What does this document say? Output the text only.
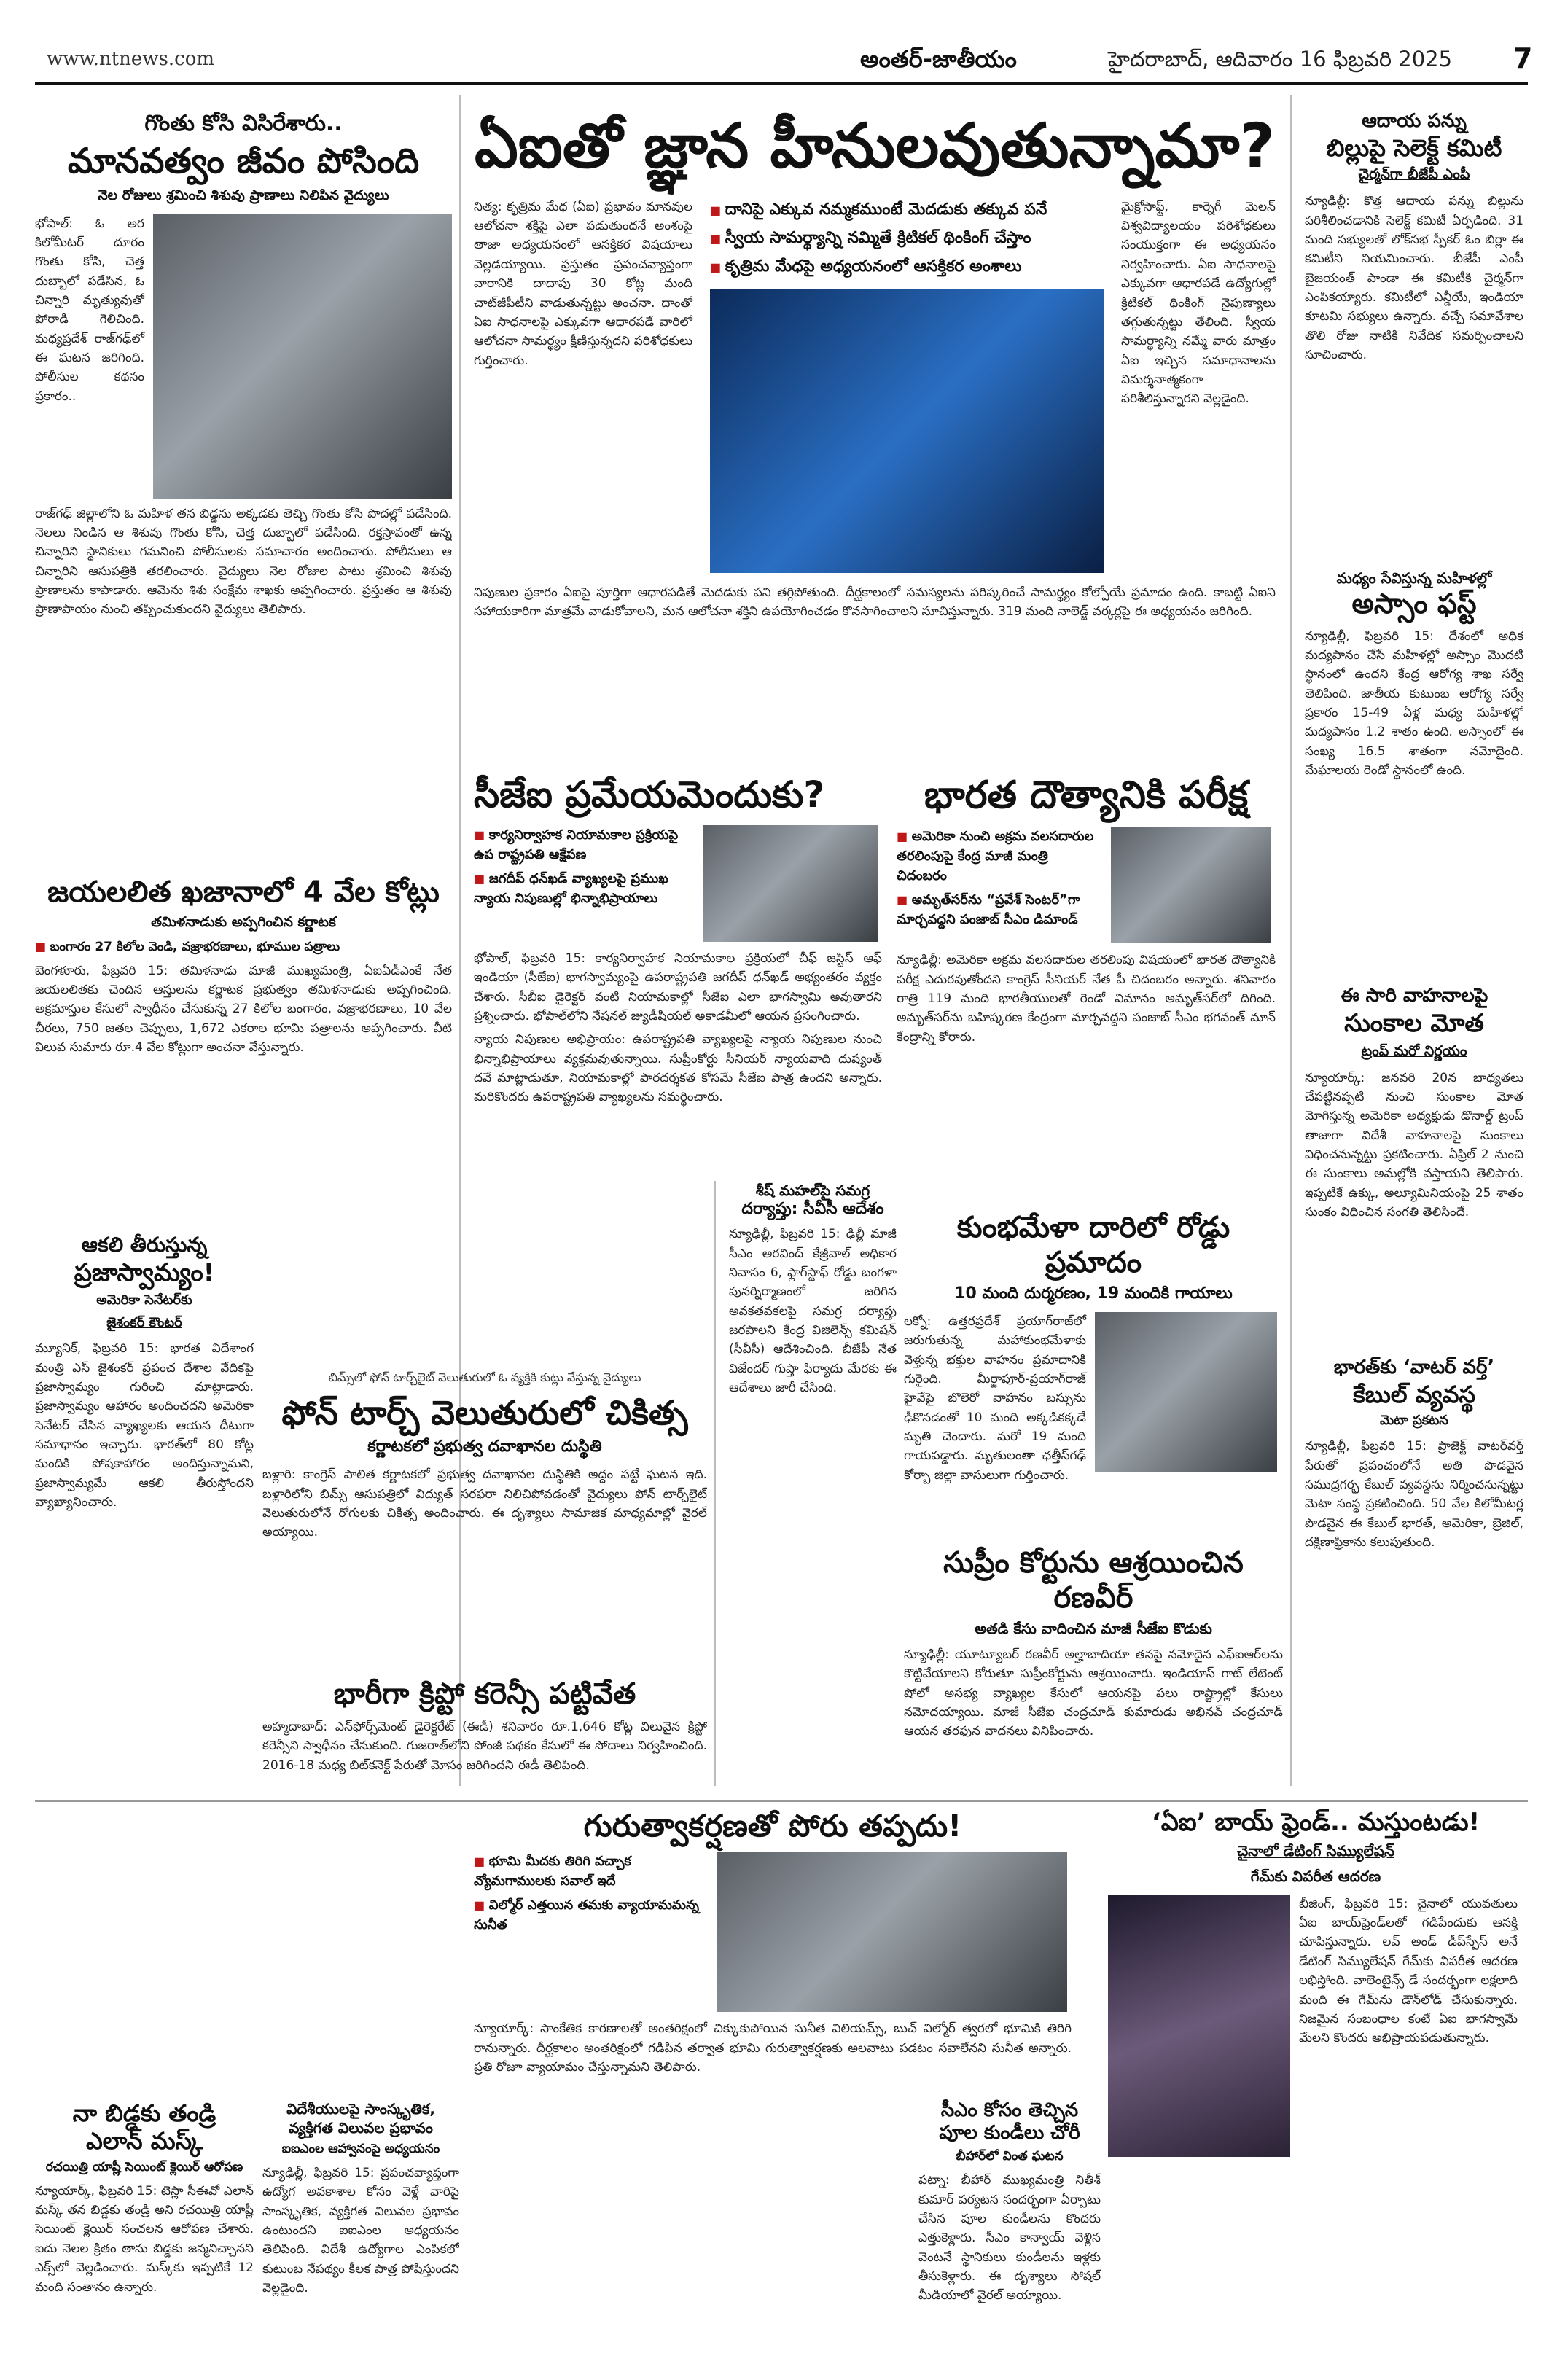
www.ntnews.com	అంతర్‌-జాతీయం	హైదరాబాద్‌, ఆదివారం 16 ఫిబ్రవరి 2025 7
గొంతు కోసి విసిరేశారు..
మానవత్వం జీవం పోసింది
నెల రోజులు శ్రమించి శిశువు ప్రాణాలు నిలిపిన వైద్యులు
భోపాల్‌: ఓ అర కిలోమీటర్‌ దూరం గొంతు కోసి, చెత్త దుబ్బాలో పడేసిన, ఓ చిన్నారి మృత్యువుతో పోరాడి గెలిచింది. మధ్యప్రదేశ్‌ రాజ్‌గఢ్‌లో ఈ ఘటన జరిగింది. పోలీసుల కథనం ప్రకారం..
రాజ్‌గఢ్‌ జిల్లాలోని ఓ మహిళ తన బిడ్డను అక్కడకు తెచ్చి గొంతు కోసి పొదల్లో పడేసింది. నెలలు నిండిన ఆ శిశువు గొంతు కోసి, చెత్త దుబ్బాలో పడేసింది. రక్తస్రావంతో ఉన్న చిన్నారిని స్థానికులు గమనించి పోలీసులకు సమాచారం అందించారు. పోలీసులు ఆ చిన్నారిని ఆసుపత్రికి తరలించారు. వైద్యులు నెల రోజుల పాటు శ్రమించి శిశువు ప్రాణాలను కాపాడారు. ఆమెను శిశు సంక్షేమ శాఖకు అప్పగించారు. ప్రస్తుతం ఆ శిశువు ప్రాణాపాయం నుంచి తప్పించుకుందని వైద్యులు తెలిపారు.
ఏఐతో జ్ఞాన హీనులవుతున్నామా?
నిత్య: కృత్రిమ మేధ (ఏఐ) ప్రభావం మానవుల ఆలోచనా శక్తిపై ఎలా పడుతుందనే అంశంపై తాజా అధ్యయనంలో ఆసక్తికర విషయాలు వెల్లడయ్యాయి. ప్రస్తుతం ప్రపంచవ్యాప్తంగా వారానికి దాదాపు 30 కోట్ల మంది చాట్‌జీపీటీని వాడుతున్నట్టు అంచనా. దాంతో ఏఐ సాధనాలపై ఎక్కువగా ఆధారపడే వారిలో ఆలోచనా సామర్థ్యం క్షీణిస్తున్నదని పరిశోధకులు గుర్తించారు.
■ దానిపై ఎక్కువ నమ్మకముంటే మెదడుకు తక్కువ పనే
■ స్వీయ సామర్థ్యాన్ని నమ్మితే క్రిటికల్‌ థింకింగ్‌ చేస్తాం
■ కృత్రిమ మేధపై అధ్యయనంలో ఆసక్తికర అంశాలు
మైక్రోసాఫ్ట్‌, కార్నెగీ మెలన్‌ విశ్వవిద్యాలయం పరిశోధకులు సంయుక్తంగా ఈ అధ్యయనం నిర్వహించారు. ఏఐ సాధనాలపై ఎక్కువగా ఆధారపడే ఉద్యోగుల్లో క్రిటికల్‌ థింకింగ్‌ నైపుణ్యాలు తగ్గుతున్నట్టు తేలింది. స్వీయ సామర్థ్యాన్ని నమ్మే వారు మాత్రం ఏఐ ఇచ్చిన సమాధానాలను విమర్శనాత్మకంగా పరిశీలిస్తున్నారని వెల్లడైంది.
నిపుణుల ప్రకారం ఏఐపై పూర్తిగా ఆధారపడితే మెదడుకు పని తగ్గిపోతుంది. దీర్ఘకాలంలో సమస్యలను పరిష్కరించే సామర్థ్యం కోల్పోయే ప్రమాదం ఉంది. కాబట్టి ఏఐని సహాయకారిగా మాత్రమే వాడుకోవాలని, మన ఆలోచనా శక్తిని ఉపయోగించడం కొనసాగించాలని సూచిస్తున్నారు. 319 మంది నాలెడ్జ్‌ వర్కర్లపై ఈ అధ్యయనం జరిగింది.
ఆదాయ పన్ను
బిల్లుపై సెలెక్ట్‌ కమిటీ
చైర్మన్‌గా బీజేపీ ఎంపీ
న్యూఢిల్లీ: కొత్త ఆదాయ పన్ను బిల్లును పరిశీలించడానికి సెలెక్ట్‌ కమిటీ ఏర్పడింది. 31 మంది సభ్యులతో లోక్‌సభ స్పీకర్‌ ఓం బిర్లా ఈ కమిటీని నియమించారు. బీజేపీ ఎంపీ బైజయంత్‌ పాండా ఈ కమిటీకి చైర్మన్‌గా ఎంపికయ్యారు. కమిటీలో ఎన్డీయే, ఇండియా కూటమి సభ్యులు ఉన్నారు. వచ్చే సమావేశాల తొలి రోజు నాటికి నివేదిక సమర్పించాలని సూచించారు.
మధ్యం సేవిస్తున్న మహిళల్లో
అస్సాం ఫస్ట్‌
న్యూఢిల్లీ, ఫిబ్రవరి 15: దేశంలో అధిక మద్యపానం చేసే మహిళల్లో అస్సాం మొదటి స్థానంలో ఉందని కేంద్ర ఆరోగ్య శాఖ సర్వే తెలిపింది. జాతీయ కుటుంబ ఆరోగ్య సర్వే ప్రకారం 15-49 ఏళ్ల మధ్య మహిళల్లో మద్యపానం 1.2 శాతం ఉంది. అస్సాంలో ఈ సంఖ్య 16.5 శాతంగా నమోదైంది. మేఘాలయ రెండో స్థానంలో ఉంది.
ఈ సారి వాహనాలపై
సుంకాల మోత
ట్రంప్‌ మరో నిర్ణయం
న్యూయార్క్‌: జనవరి 20న బాధ్యతలు చేపట్టినప్పటి నుంచి సుంకాల మోత మోగిస్తున్న అమెరికా అధ్యక్షుడు డొనాల్డ్‌ ట్రంప్‌ తాజాగా విదేశీ వాహనాలపై సుంకాలు విధించనున్నట్టు ప్రకటించారు. ఏప్రిల్‌ 2 నుంచి ఈ సుంకాలు అమల్లోకి వస్తాయని తెలిపారు. ఇప్పటికే ఉక్కు, అల్యూమినియంపై 25 శాతం సుంకం విధించిన సంగతి తెలిసిందే.
భారత్‌కు ‘వాటర్‌ వర్త్‌’
కేబుల్‌ వ్యవస్థ
మెటా ప్రకటన
న్యూఢిల్లీ, ఫిబ్రవరి 15: ప్రాజెక్ట్‌ వాటర్‌వర్త్‌ పేరుతో ప్రపంచంలోనే అతి పొడవైన సముద్రగర్భ కేబుల్‌ వ్యవస్థను నిర్మించనున్నట్టు మెటా సంస్థ ప్రకటించింది. 50 వేల కిలోమీటర్ల పొడవైన ఈ కేబుల్‌ భారత్‌, అమెరికా, బ్రెజిల్‌, దక్షిణాఫ్రికాను కలుపుతుంది.
సీజేఐ ప్రమేయమెందుకు?
■ కార్యనిర్వాహక నియామకాల ప్రక్రియపై ఉప రాష్ట్రపతి ఆక్షేపణ
■ జగదీప్‌ ధన్‌ఖడ్‌ వ్యాఖ్యలపై ప్రముఖ న్యాయ నిపుణుల్లో భిన్నాభిప్రాయాలు
భోపాల్‌, ఫిబ్రవరి 15: కార్యనిర్వాహక నియామకాల ప్రక్రియలో చీఫ్‌ జస్టిస్‌ ఆఫ్‌ ఇండియా (సీజేఐ) భాగస్వామ్యంపై ఉపరాష్ట్రపతి జగదీప్‌ ధన్‌ఖడ్‌ అభ్యంతరం వ్యక్తం చేశారు. సీబీఐ డైరెక్టర్‌ వంటి నియామకాల్లో సీజేఐ ఎలా భాగస్వామి అవుతారని ప్రశ్నించారు. భోపాల్‌లోని నేషనల్‌ జ్యుడీషియల్‌ అకాడమీలో ఆయన ప్రసంగించారు.
న్యాయ నిపుణుల అభిప్రాయం: ఉపరాష్ట్రపతి వ్యాఖ్యలపై న్యాయ నిపుణుల నుంచి భిన్నాభిప్రాయాలు వ్యక్తమవుతున్నాయి. సుప్రీంకోర్టు సీనియర్‌ న్యాయవాది దుష్యంత్‌ దవే మాట్లాడుతూ, నియామకాల్లో పారదర్శకత కోసమే సీజేఐ పాత్ర ఉందని అన్నారు. మరికొందరు ఉపరాష్ట్రపతి వ్యాఖ్యలను సమర్థించారు.
భారత దౌత్యానికి పరీక్ష
■ అమెరికా నుంచి అక్రమ వలసదారుల తరలింపుపై కేంద్ర మాజీ మంత్రి చిదంబరం
■ అమృత్‌సర్‌ను “ప్రవేశ్‌ సెంటర్‌”గా మార్చవద్దని పంజాబ్‌ సీఎం డిమాండ్‌
న్యూఢిల్లీ: అమెరికా అక్రమ వలసదారుల తరలింపు విషయంలో భారత దౌత్యానికి పరీక్ష ఎదురవుతోందని కాంగ్రెస్‌ సీనియర్‌ నేత పీ చిదంబరం అన్నారు. శనివారం రాత్రి 119 మంది భారతీయులతో రెండో విమానం అమృత్‌సర్‌లో దిగింది. అమృత్‌సర్‌ను బహిష్కరణ కేంద్రంగా మార్చవద్దని పంజాబ్‌ సీఎం భగవంత్‌ మాన్‌ కేంద్రాన్ని కోరారు.
జయలలిత ఖజానాలో 4 వేల కోట్లు
తమిళనాడుకు అప్పగించిన కర్ణాటక
■ బంగారం 27 కిలోల వెండి, వజ్రాభరణాలు, భూముల పత్రాలు
బెంగళూరు, ఫిబ్రవరి 15: తమిళనాడు మాజీ ముఖ్యమంత్రి, ఏఐఏడీఎంకే నేత జయలలితకు చెందిన ఆస్తులను కర్ణాటక ప్రభుత్వం తమిళనాడుకు అప్పగించింది. అక్రమాస్తుల కేసులో స్వాధీనం చేసుకున్న 27 కిలోల బంగారం, వజ్రాభరణాలు, 10 వేల చీరలు, 750 జతల చెప్పులు, 1,672 ఎకరాల భూమి పత్రాలను అప్పగించారు. వీటి విలువ సుమారు రూ.4 వేల కోట్లుగా అంచనా వేస్తున్నారు.
ఆకలి తీరుస్తున్న
ప్రజాస్వామ్యం!
అమెరికా సెనేటర్‌కు
జైశంకర్‌ కౌంటర్‌
మ్యూనిక్‌, ఫిబ్రవరి 15: భారత విదేశాంగ మంత్రి ఎస్‌ జైశంకర్‌ ప్రపంచ దేశాల వేదికపై ప్రజాస్వామ్యం గురించి మాట్లాడారు. ప్రజాస్వామ్యం ఆహారం అందించదని అమెరికా సెనేటర్‌ చేసిన వ్యాఖ్యలకు ఆయన దీటుగా సమాధానం ఇచ్చారు. భారత్‌లో 80 కోట్ల మందికి పోషకాహారం అందిస్తున్నామని, ప్రజాస్వామ్యమే ఆకలి తీరుస్తోందని వ్యాఖ్యానించారు.
బిమ్స్‌లో ఫోన్‌ టార్చ్‌లైట్‌ వెలుతురులో ఓ వ్యక్తికి కుట్లు వేస్తున్న వైద్యులు
ఫోన్‌ టార్చ్‌ వెలుతురులో చికిత్స
కర్ణాటకలో ప్రభుత్వ దవాఖానల దుస్థితి
బళ్లారి: కాంగ్రెస్‌ పాలిత కర్ణాటకలో ప్రభుత్వ దవాఖానల దుస్థితికి అద్దం పట్టే ఘటన ఇది. బళ్లారిలోని బిమ్స్‌ ఆసుపత్రిలో విద్యుత్‌ సరఫరా నిలిచిపోవడంతో వైద్యులు ఫోన్‌ టార్చ్‌లైట్‌ వెలుతురులోనే రోగులకు చికిత్స అందించారు. ఈ దృశ్యాలు సామాజిక మాధ్యమాల్లో వైరల్‌ అయ్యాయి.
భారీగా క్రిప్టో కరెన్సీ పట్టివేత
అహ్మదాబాద్‌: ఎన్‌ఫోర్స్‌మెంట్‌ డైరెక్టరేట్‌ (ఈడీ) శనివారం రూ.1,646 కోట్ల విలువైన క్రిప్టో కరెన్సీని స్వాధీనం చేసుకుంది. గుజరాత్‌లోని పోంజీ పథకం కేసులో ఈ సోదాలు నిర్వహించింది. 2016-18 మధ్య బిట్‌కనెక్ట్‌ పేరుతో మోసం జరిగిందని ఈడీ తెలిపింది.
శీష్‌ మహల్‌పై సమగ్ర
దర్యాప్తు: సీవీసీ ఆదేశం
న్యూఢిల్లీ, ఫిబ్రవరి 15: ఢిల్లీ మాజీ సీఎం అరవింద్‌ కేజ్రీవాల్‌ అధికార నివాసం 6, ఫ్లాగ్‌స్టాఫ్‌ రోడ్డు బంగళా పునర్నిర్మాణంలో జరిగిన అవకతవకలపై సమగ్ర దర్యాప్తు జరపాలని కేంద్ర విజిలెన్స్‌ కమిషన్‌ (సీవీసీ) ఆదేశించింది. బీజేపీ నేత విజేందర్‌ గుప్తా ఫిర్యాదు మేరకు ఈ ఆదేశాలు జారీ చేసింది.
కుంభమేళా దారిలో రోడ్డు ప్రమాదం
10 మంది దుర్మరణం, 19 మందికి గాయాలు
లక్నో: ఉత్తరప్రదేశ్‌ ప్రయాగ్‌రాజ్‌లో జరుగుతున్న మహాకుంభమేళాకు వెళ్తున్న భక్తుల వాహనం ప్రమాదానికి గురైంది. మీర్జాపూర్‌-ప్రయాగ్‌రాజ్‌ హైవేపై బొలెరో వాహనం బస్సును ఢీకొనడంతో 10 మంది అక్కడికక్కడే మృతి చెందారు. మరో 19 మంది గాయపడ్డారు. మృతులంతా ఛత్తీస్‌గఢ్‌ కోర్బా జిల్లా వాసులుగా గుర్తించారు.
సుప్రీం కోర్టును ఆశ్రయించిన రణవీర్‌
అతడి కేసు వాదించిన మాజీ సీజేఐ కొడుకు
న్యూఢిల్లీ: యూట్యూబర్‌ రణవీర్‌ అల్హాబాదియా తనపై నమోదైన ఎఫ్‌ఐఆర్‌లను కొట్టివేయాలని కోరుతూ సుప్రీంకోర్టును ఆశ్రయించారు. ఇండియాస్‌ గాట్‌ లేటెంట్‌ షోలో అసభ్య వ్యాఖ్యల కేసులో ఆయనపై పలు రాష్ట్రాల్లో కేసులు నమోదయ్యాయి. మాజీ సీజేఐ చంద్రచూడ్‌ కుమారుడు అభినవ్‌ చంద్రచూడ్‌ ఆయన తరఫున వాదనలు వినిపించారు.
గురుత్వాకర్షణతో పోరు తప్పదు!
■ భూమి మీదకు తిరిగి వచ్చాక వ్యోమగాములకు సవాల్‌ ఇదే
■ విల్మోర్‌ ఎత్తయిన తమకు వ్యాయామమన్న సునీత
న్యూయార్క్‌: సాంకేతిక కారణాలతో అంతరిక్షంలో చిక్కుకుపోయిన సునీత విలియమ్స్‌, బుచ్‌ విల్మోర్‌ త్వరలో భూమికి తిరిగి రానున్నారు. దీర్ఘకాలం అంతరిక్షంలో గడిపిన తర్వాత భూమి గురుత్వాకర్షణకు అలవాటు పడటం సవాలేనని సునీత అన్నారు. ప్రతి రోజూ వ్యాయామం చేస్తున్నామని తెలిపారు.
నా బిడ్డకు తండ్రి
ఎలాన్‌ మస్క్‌
రచయిత్రి యాష్లీ సెయింట్‌ క్లెయిర్‌ ఆరోపణ
న్యూయార్క్‌, ఫిబ్రవరి 15: టెస్లా సీఈవో ఎలాన్‌ మస్క్‌ తన బిడ్డకు తండ్రి అని రచయిత్రి యాష్లీ సెయింట్‌ క్లెయిర్‌ సంచలన ఆరోపణ చేశారు. ఐదు నెలల క్రితం తాను బిడ్డకు జన్మనిచ్చానని ఎక్స్‌లో వెల్లడించారు. మస్క్‌కు ఇప్పటికే 12 మంది సంతానం ఉన్నారు.
విదేశీయులపై సాంస్కృతిక,
వ్యక్తిగత విలువల ప్రభావం
ఐఐఎంల ఆహ్వానంపై అధ్యయనం
న్యూఢిల్లీ, ఫిబ్రవరి 15: ప్రపంచవ్యాప్తంగా ఉద్యోగ అవకాశాల కోసం వెళ్లే వారిపై సాంస్కృతిక, వ్యక్తిగత విలువల ప్రభావం ఉంటుందని ఐఐఎంల అధ్యయనం తెలిపింది. విదేశీ ఉద్యోగాల ఎంపికలో కుటుంబ నేపథ్యం కీలక పాత్ర పోషిస్తుందని వెల్లడైంది.
సీఎం కోసం తెచ్చిన
పూల కుండీలు చోరీ
బీహార్‌లో వింత ఘటన
పట్నా: బీహార్‌ ముఖ్యమంత్రి నితీశ్‌ కుమార్‌ పర్యటన సందర్భంగా ఏర్పాటు చేసిన పూల కుండీలను కొందరు ఎత్తుకెళ్లారు. సీఎం కాన్వాయ్‌ వెళ్లిన వెంటనే స్థానికులు కుండీలను ఇళ్లకు తీసుకెళ్లారు. ఈ దృశ్యాలు సోషల్‌ మీడియాలో వైరల్‌ అయ్యాయి.
‘ఏఐ’ బాయ్‌ ఫ్రెండ్‌.. మస్తుంటడు!
చైనాలో డేటింగ్‌ సిమ్యులేషన్‌
గేమ్‌కు విపరీత ఆదరణ
బీజింగ్‌, ఫిబ్రవరి 15: చైనాలో యువతులు ఏఐ బాయ్‌ఫ్రెండ్‌లతో గడిపేందుకు ఆసక్తి చూపిస్తున్నారు. లవ్‌ అండ్‌ డీప్‌స్పేస్‌ అనే డేటింగ్‌ సిమ్యులేషన్‌ గేమ్‌కు విపరీత ఆదరణ లభిస్తోంది. వాలెంటైన్స్‌ డే సందర్భంగా లక్షలాది మంది ఈ గేమ్‌ను డౌన్‌లోడ్‌ చేసుకున్నారు. నిజమైన సంబంధాల కంటే ఏఐ భాగస్వామే మేలని కొందరు అభిప్రాయపడుతున్నారు.
